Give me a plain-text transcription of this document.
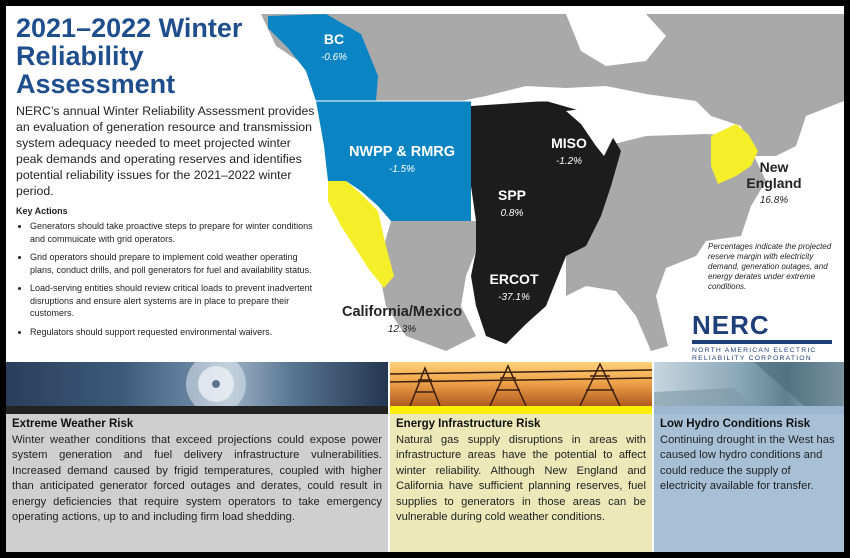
BC
-0.6%
NWPP & RMRG
-1.5%
California/Mexico
12.3%
SPP
0.8%
ERCOT
-37.1%
MISO
-1.2%	New England
16.8%
2021–2022 Winter Reliability Assessment
NERC’s annual Winter Reliability Assessment provides an evaluation of generation resource and transmission system adequacy needed to meet projected winter peak demands and operating reserves and identifies potential reliability issues for the 2021–2022 winter period.
Key Actions
• Generators should take proactive steps to prepare for winter conditions and commuicate with grid operators.
• Grid operators should prepare to implement cold weather operating plans, conduct drills, and poll generators for fuel and availability status.
• Load-serving entities should review critical loads to prevent inadvertent disruptions and ensure alert systems are in place to prepare their customers.
• Regulators should support requested environmental waivers.
Percentages indicate the projected reserve margin with electricity demand, generation outages, and energy derates under extreme conditions.
NERC
NORTH AMERICAN ELECTRIC
RELIABILITY CORPORATION
Extreme Weather Risk
Winter weather conditions that exceed projections could expose power system generation and fuel delivery infrastructure vulnerabilities. Increased demand caused by frigid temperatures, coupled with higher than anticipated generator forced outages and derates, could result in energy deficiencies that require system operators to take emergency operating actions, up to and including firm load shedding.
Energy Infrastructure Risk
Natural gas supply disruptions in areas with infrastructure areas have the potential to affect winter reliability. Although New England and California have sufficient planning reserves, fuel supplies to generators in those areas can be vulnerable during cold weather conditions.
Low Hydro Conditions Risk
Continuing drought in the West has caused low hydro conditions and could reduce the supply of electricity available for transfer.
